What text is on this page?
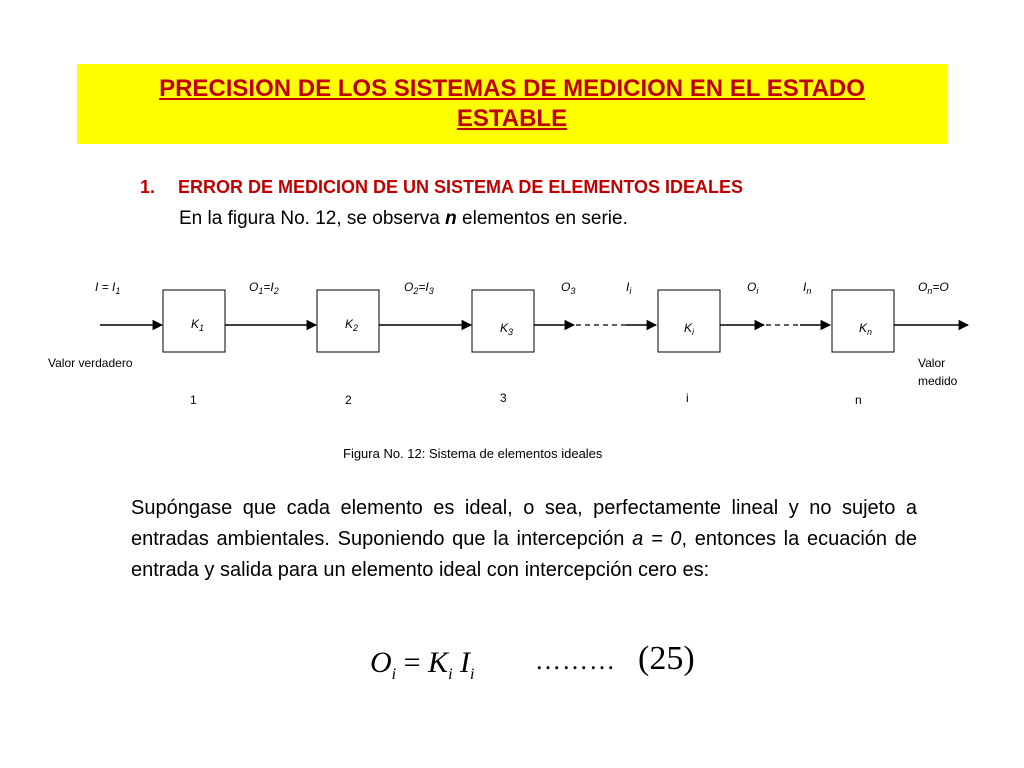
PRECISION DE LOS SISTEMAS DE MEDICION EN EL ESTADO ESTABLE
1. ERROR DE MEDICION DE UN SISTEMA DE ELEMENTOS IDEALES
En la figura No. 12, se observa n elementos en serie.
$K_1$	$K_2$	$K_3$	$K_i$	$K_n$
$I = I_1$	$O_1=I_2$	$O_2=I_3$	$O_3$	$I_i$	$O_i$	$I_n$	$O_n=O$
Valor verdadero	Valor
medido
1	2	3	i	n
Figura No. 12: Sistema de elementos ideales
Supóngase que cada elemento es ideal, o sea, perfectamente lineal y no sujeto a entradas ambientales. Suponiendo que la intercepción a = 0, entonces la ecuación de entrada y salida para un elemento ideal con intercepción cero es:
$O_i = K_i$ $I_i$ ……… (25)
